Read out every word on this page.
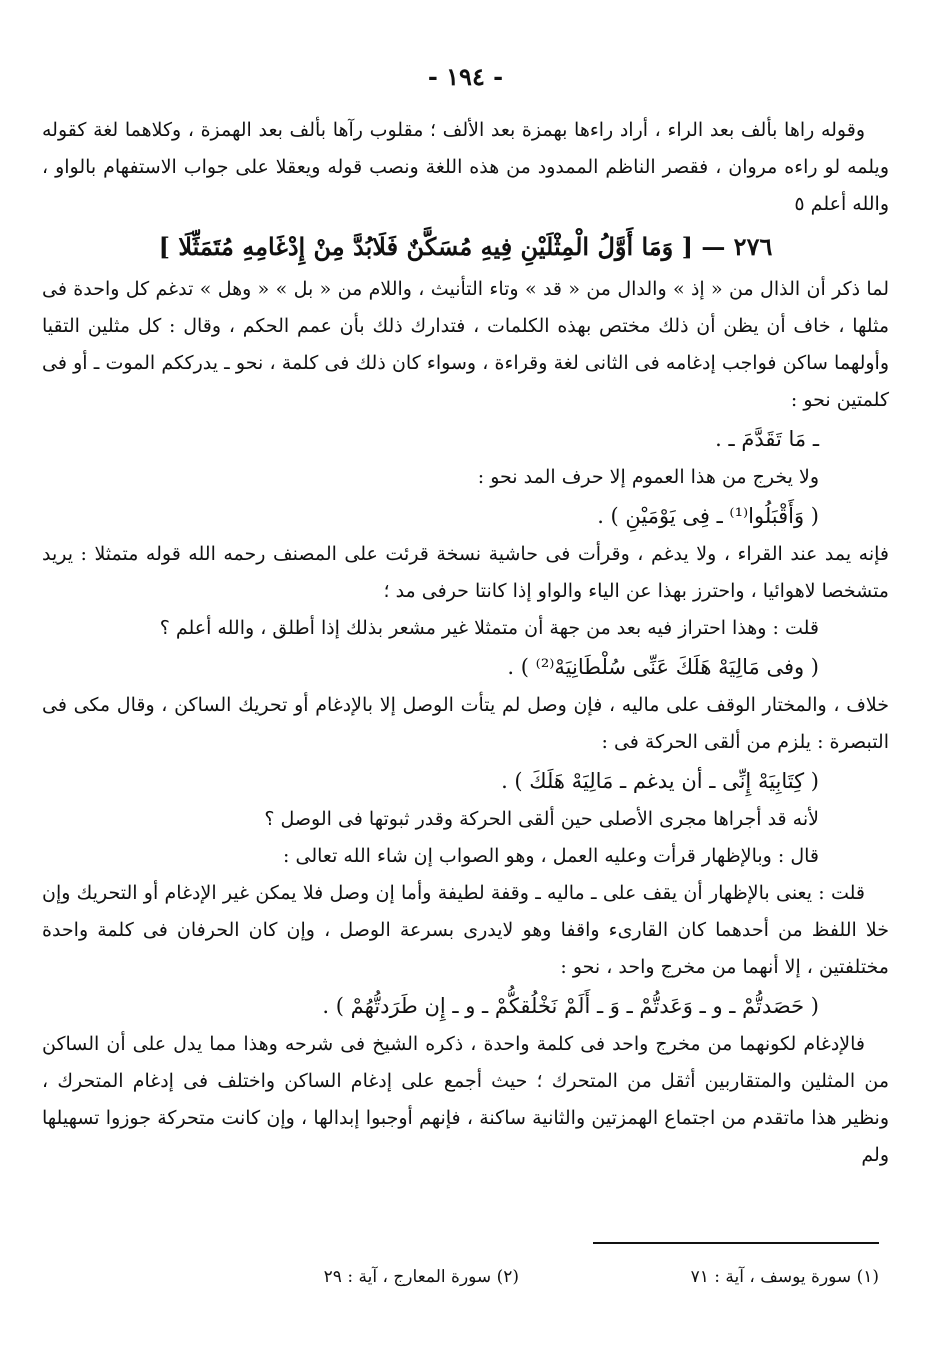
- ١٩٤ -

وقوله راها بألف بعد الراء ، أراد راءها بهمزة بعد الألف ؛ مقلوب رآها بألف بعد الهمزة ، وكلاهما لغة كقوله ويلمه لو راءه مروان ، فقصر الناظم الممدود من هذه اللغة ونصب قوله ويعقلا على جواب الاستفهام بالواو ، والله أعلم ٥

٢٧٦ — [ وَمَا أَوَّلُ الْمِثْلَيْنِ فِيهِ مُسَكَّنٌ فَلَابُدَّ مِنْ إِدْغَامِهِ مُتَمَثِّلَا ]

لما ذكر أن الذال من « إذ » والدال من « قد » وتاء التأنيث ، واللام من « بل » « وهل » تدغم كل واحدة فى مثلها ، خاف أن يظن أن ذلك مختص بهذه الكلمات ، فتدارك ذلك بأن عمم الحكم ، وقال : كل مثلين التقيا وأولهما ساكن فواجب إدغامه فى الثانى لغة وقراءة ، وسواء كان ذلك فى كلمة ، نحو ـ يدرككم الموت ـ أو فى كلمتين نحو :

ـ مَا تَقَدَّمَ ـ .

ولا يخرج من هذا العموم إلا حرف المد نحو :

( وَأَقْبَلُوا⁽¹⁾ ـ فِى يَوْمَيْنِ ) .

فإنه يمد عند القراء ، ولا يدغم ، وقرأت فى حاشية نسخة قرئت على المصنف رحمه الله قوله متمثلا : يريد متشخصا لاهوائيا ، واحترز بهذا عن الياء والواو إذا كانتا حرفى مد ؛

قلت : وهذا احتراز فيه بعد من جهة أن متمثلا غير مشعر بذلك إذا أطلق ، والله أعلم ؟

( وفى مَالِيَهْ هَلَكَ عَنِّى سُلْطَانِيَهْ⁽²⁾ ) .

خلاف ، والمختار الوقف على ماليه ، فإن وصل لم يتأت الوصل إلا بالإدغام أو تحريك الساكن ، وقال مكى فى التبصرة : يلزم من ألقى الحركة فى :

( كِتَابِيَهْ إِنِّى ـ أن يدغم ـ مَالِيَهْ هَلَكَ ) .

لأنه قد أجراها مجرى الأصلى حين ألقى الحركة وقدر ثبوتها فى الوصل ؟

قال : وبالإظهار قرأت وعليه العمل ، وهو الصواب إن شاء الله تعالى :

قلت : يعنى بالإظهار أن يقف على ـ ماليه ـ وقفة لطيفة وأما إن وصل فلا يمكن غير الإدغام أو التحريك وإن خلا اللفظ من أحدهما كان القارىء واقفا وهو لايدرى بسرعة الوصل ، وإن كان الحرفان فى كلمة واحدة مختلفتين ، إلا أنهما من مخرج واحد ، نحو :

( حَصَدتُّمْ ـ و ـ وَعَدتُّمْ ـ وَ ـ أَلَمْ نَخْلُقكُّمْ ـ و ـ إِن طَرَدتُّهُمْ ) .

فالإدغام لكونهما من مخرج واحد فى كلمة واحدة ، ذكره الشيخ فى شرحه وهذا مما يدل على أن الساكن من المثلين والمتقاربين أثقل من المتحرك ؛ حيث أجمع على إدغام الساكن واختلف فى إدغام المتحرك ، ونظير هذا ماتقدم من اجتماع الهمزتين والثانية ساكنة ، فإنهم أوجبوا إبدالها ، وإن كانت متحركة جوزوا تسهيلها ولم

(١) سورة يوسف ، آية : ٧١
(٢) سورة المعارج ، آية : ٢٩
